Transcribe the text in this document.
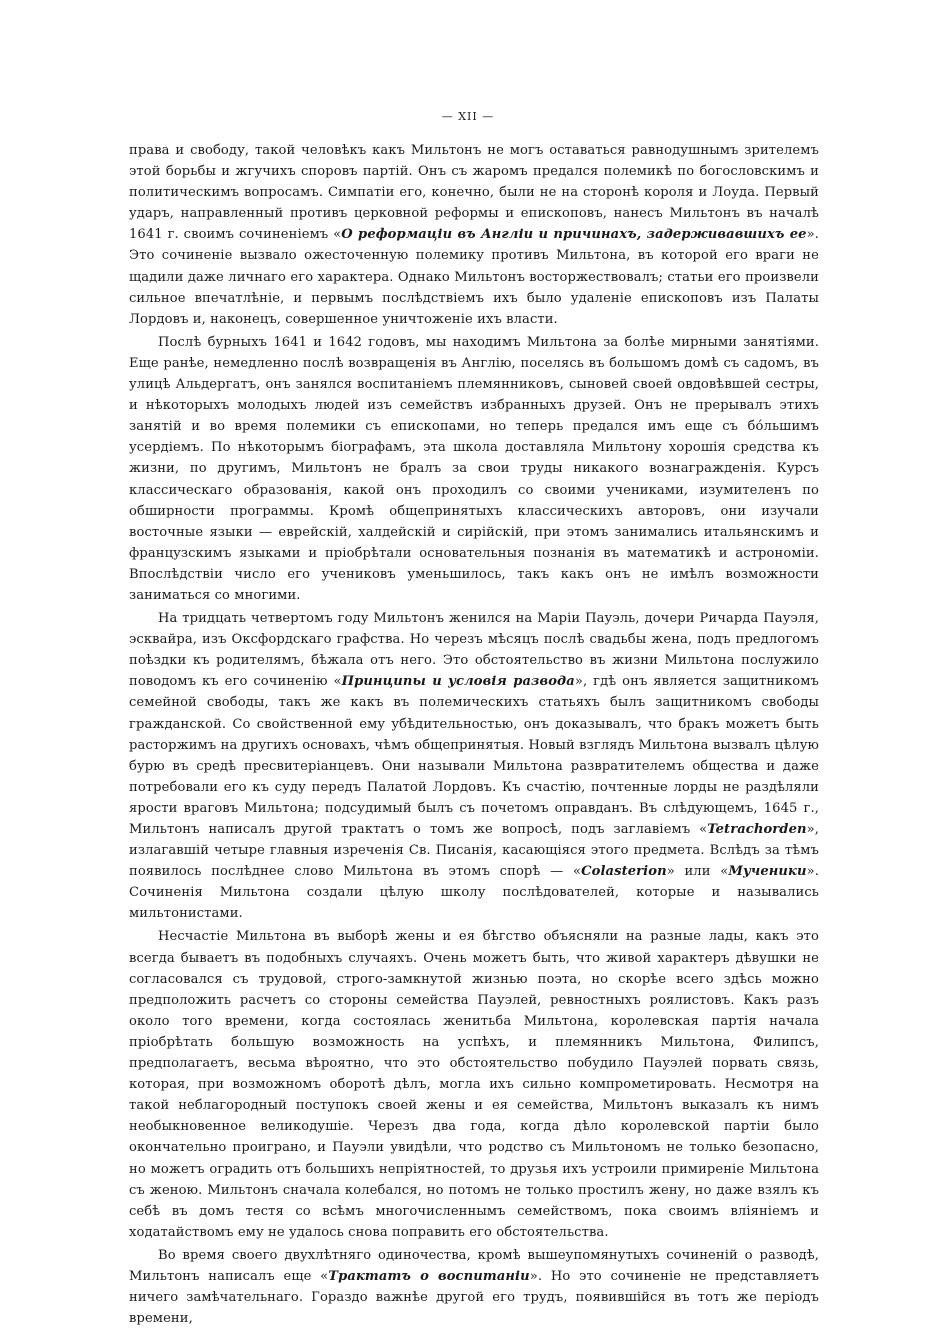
— XII —

права и свободу, такой человѣкъ какъ Мильтонъ не могъ оставаться равнодушнымъ зрителемъ этой борьбы и жгучихъ споровъ партій. Онъ съ жаромъ предался полемикѣ по богословскимъ и политическимъ вопросамъ. Симпатіи его, конечно, были не на сторонѣ короля и Лоуда. Первый ударъ, направленный противъ церковной реформы и епископовъ, нанесъ Мильтонъ въ началѣ 1641 г. своимъ сочиненіемъ «О реформаціи въ Англіи и причинахъ, задерживавшихъ ее». Это сочиненіе вызвало ожесточенную полемику противъ Мильтона, въ которой его враги не щадили даже личнаго его характера. Однако Мильтонъ восторжествовалъ; статьи его произвели сильное впечатлѣніе, и первымъ послѣдствіемъ ихъ было удаленіе епископовъ изъ Палаты Лордовъ и, наконецъ, совершенное уничтоженіе ихъ власти.

Послѣ бурныхъ 1641 и 1642 годовъ, мы находимъ Мильтона за болѣе мирными занятіями. Еще ранѣе, немедленно послѣ возвращенія въ Англію, поселясь въ большомъ домѣ съ садомъ, въ улицѣ Альдергатъ, онъ занялся воспитаніемъ племянниковъ, сыновей своей овдовѣвшей сестры, и нѣкоторыхъ молодыхъ людей изъ семействъ избранныхъ друзей. Онъ не прерывалъ этихъ занятій и во время полемики съ епископами, но теперь предался имъ еще съ бо́льшимъ усердіемъ. По нѣкоторымъ біографамъ, эта школа доставляла Мильтону хорошія средства къ жизни, по другимъ, Мильтонъ не бралъ за свои труды никакого вознагражденія. Курсъ классическаго образованія, какой онъ проходилъ со своими учениками, изумителенъ по обширности программы. Кромѣ общепринятыхъ классическихъ авторовъ, они изучали восточные языки — еврейскій, халдейскій и сирійскій, при этомъ занимались итальянскимъ и французскимъ языками и пріобрѣтали основательныя познанія въ математикѣ и астрономіи. Впослѣдствіи число его учениковъ уменьшилось, такъ какъ онъ не имѣлъ возможности заниматься со многими.

На тридцать четвертомъ году Мильтонъ женился на Маріи Пауэль, дочери Ричарда Пауэля, эсквайра, изъ Оксфордскаго графства. Но черезъ мѣсяцъ послѣ свадьбы жена, подъ предлогомъ поѣздки къ родителямъ, бѣжала отъ него. Это обстоятельство въ жизни Мильтона послужило поводомъ къ его сочиненію «Принципы и условія развода», гдѣ онъ является защитникомъ семейной свободы, такъ же какъ въ полемическихъ статьяхъ былъ защитникомъ свободы гражданской. Со свойственной ему убѣдительностью, онъ доказывалъ, что бракъ можетъ быть расторжимъ на другихъ основахъ, чѣмъ общепринятыя. Новый взглядъ Мильтона вызвалъ цѣлую бурю въ средѣ пресвитеріанцевъ. Они называли Мильтона развратителемъ общества и даже потребовали его къ суду передъ Палатой Лордовъ. Къ счастію, почтенные лорды не раздѣляли ярости враговъ Мильтона; подсудимый былъ съ почетомъ оправданъ. Въ слѣдующемъ, 1645 г., Мильтонъ написалъ другой трактатъ о томъ же вопросѣ, подъ заглавіемъ «Tetrachorden», излагавшій четыре главныя изреченія Св. Писанія, касающіяся этого предмета. Вслѣдъ за тѣмъ появилось послѣднее слово Мильтона въ этомъ спорѣ — «Colasterion» или «Мученики». Сочиненія Мильтона создали цѣлую школу послѣдователей, которые и назывались мильтонистами.

Несчастіе Мильтона въ выборѣ жены и ея бѣгство объясняли на разные лады, какъ это всегда бываетъ въ подобныхъ случаяхъ. Очень можетъ быть, что живой характеръ дѣвушки не согласовался съ трудовой, строго-замкнутой жизнью поэта, но скорѣе всего здѣсь можно предположить расчетъ со стороны семейства Пауэлей, ревностныхъ роялистовъ. Какъ разъ около того времени, когда состоялась женитьба Мильтона, королевская партія начала пріобрѣтать большую возможность на успѣхъ, и племянникъ Мильтона, Филипсъ, предполагаетъ, весьма вѣроятно, что это обстоятельство побудило Пауэлей порвать связь, которая, при возможномъ оборотѣ дѣлъ, могла ихъ сильно компрометировать. Несмотря на такой неблагородный поступокъ своей жены и ея семейства, Мильтонъ выказалъ къ нимъ необыкновенное великодушіе. Черезъ два года, когда дѣло королевской партіи было окончательно проиграно, и Пауэли увидѣли, что родство съ Мильтономъ не только безопасно, но можетъ оградить отъ большихъ непріятностей, то друзья ихъ устроили примиреніе Мильтона съ женою. Мильтонъ сначала колебался, но потомъ не только простилъ жену, но даже взялъ къ себѣ въ домъ тестя со всѣмъ многочисленнымъ семействомъ, пока своимъ вліяніемъ и ходатайствомъ ему не удалось снова поправить его обстоятельства.

Во время своего двухлѣтняго одиночества, кромѣ вышеупомянутыхъ сочиненій о разводѣ, Мильтонъ написалъ еще «Трактатъ о воспитаніи». Но это сочиненіе не представляетъ ничего замѣчательнаго. Гораздо важнѣе другой его трудъ, появившійся въ тотъ же періодъ времени,
